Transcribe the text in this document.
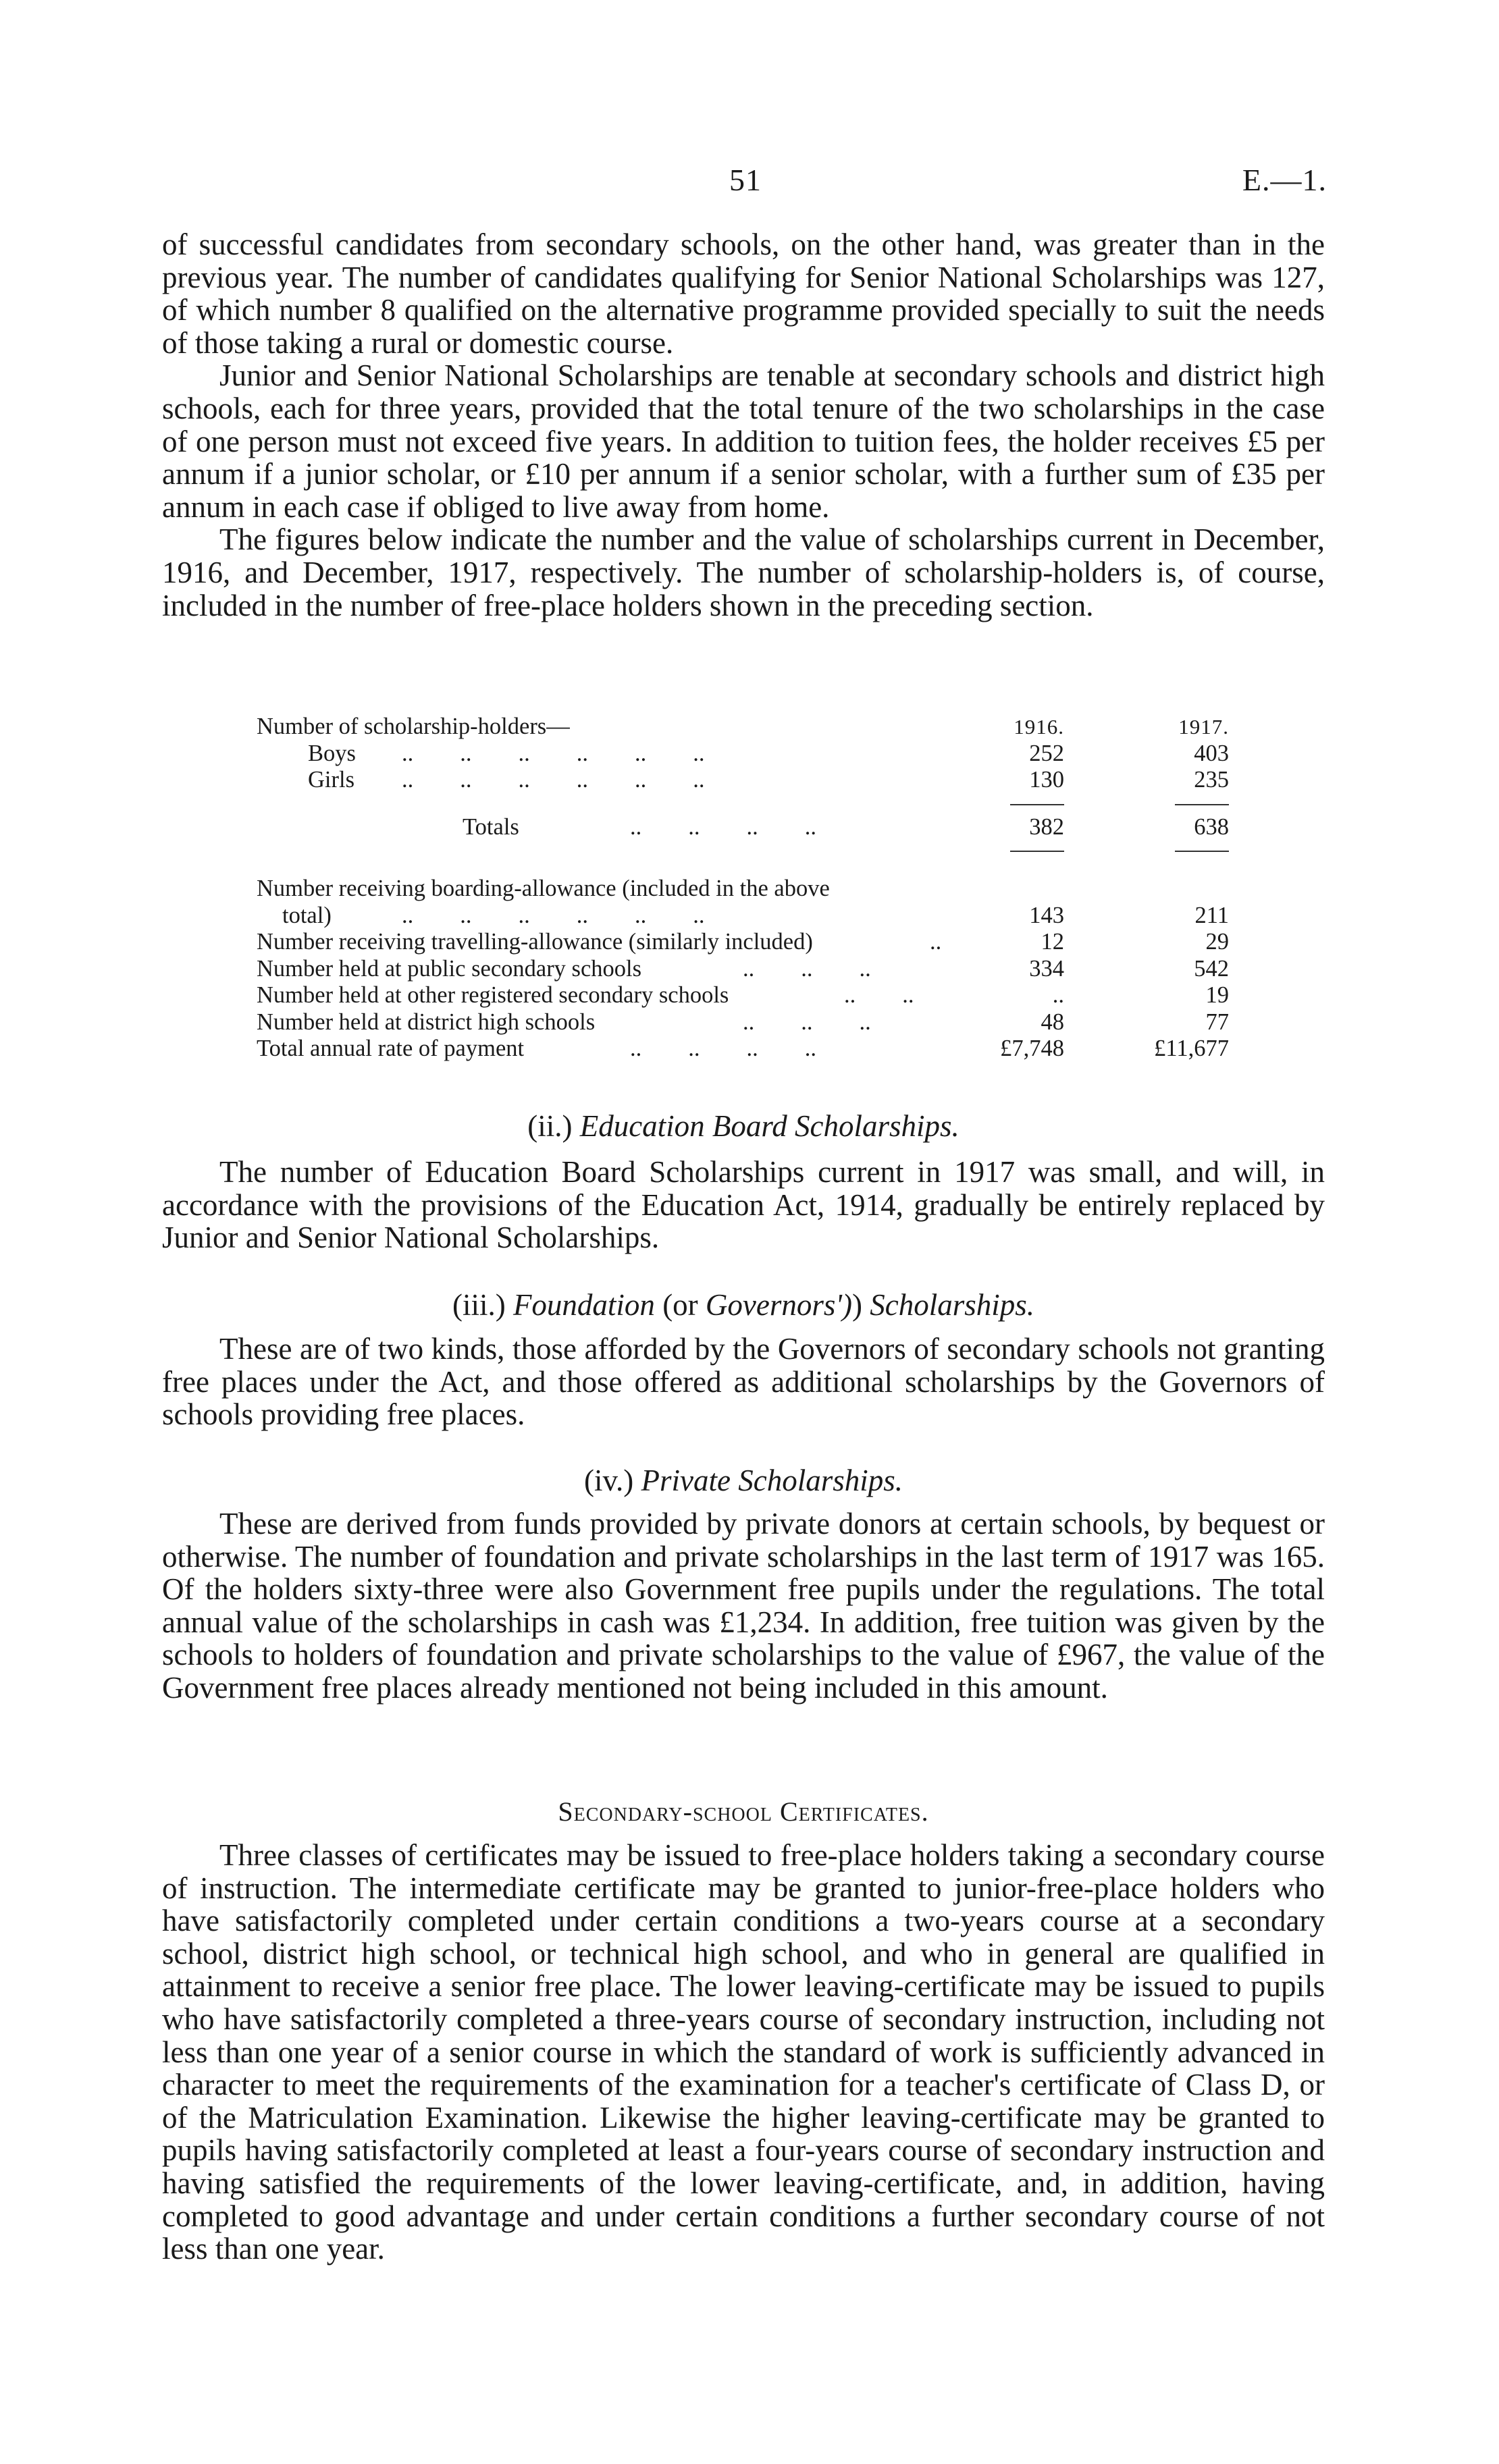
51	E.—1.

of successful candidates from secondary schools, on the other hand, was greater than in the previous year. The number of candidates qualifying for Senior National Scholarships was 127, of which number 8 qualified on the alternative programme provided specially to suit the needs of those taking a rural or domestic course.

Junior and Senior National Scholarships are tenable at secondary schools and district high schools, each for three years, provided that the total tenure of the two scholarships in the case of one person must not exceed five years. In addition to tuition fees, the holder receives £5 per annum if a junior scholar, or £10 per annum if a senior scholar, with a further sum of £35 per annum in each case if obliged to live away from home.

The figures below indicate the number and the value of scholarships current in December, 1916, and December, 1917, respectively. The number of scholarship-holders is, of course, included in the number of free-place holders shown in the preceding section.

Number of scholarship-holders—	1916.	1917.
Boys ..        ..        ..        ..        ..        ..	252	403
Girls ..        ..        ..        ..        ..        ..	130	235
Totals	..        ..        ..        ..	382	638
Number receiving boarding-allowance (included in the above
total)	..        ..        ..        ..        ..        ..	143	211
Number receiving travelling-allowance (similarly included)	..	12	29
Number held at public secondary schools	..        ..        ..	334	542
Number held at other registered secondary schools	..        ..	..	19
Number held at district high schools	..        ..        ..	48	77
Total annual rate of payment	..        ..        ..        ..	£7,748	£11,677
(ii.) Education Board Scholarships.

The number of Education Board Scholarships current in 1917 was small, and will, in accordance with the provisions of the Education Act, 1914, gradually be entirely replaced by Junior and Senior National Scholarships.

(iii.) Foundation (or Governors')) Scholarships.

These are of two kinds, those afforded by the Governors of secondary schools not granting free places under the Act, and those offered as additional scholarships by the Governors of schools providing free places.

(iv.) Private Scholarships.

These are derived from funds provided by private donors at certain schools, by bequest or otherwise. The number of foundation and private scholarships in the last term of 1917 was 165. Of the holders sixty-three were also Government free pupils under the regulations. The total annual value of the scholarships in cash was £1,234. In addition, free tuition was given by the schools to holders of foundation and private scholarships to the value of £967, the value of the Government free places already mentioned not being included in this amount.

Secondary-school Certificates.

Three classes of certificates may be issued to free-place holders taking a secondary course of instruction. The intermediate certificate may be granted to junior-free-place holders who have satisfactorily completed under certain conditions a two-years course at a secondary school, district high school, or technical high school, and who in general are qualified in attainment to receive a senior free place. The lower leaving-certificate may be issued to pupils who have satisfactorily completed a three-years course of secondary instruction, including not less than one year of a senior course in which the standard of work is sufficiently advanced in character to meet the requirements of the examination for a teacher's certificate of Class D, or of the Matriculation Examination. Likewise the higher leaving-certificate may be granted to pupils having satisfactorily completed at least a four-years course of secondary instruction and having satisfied the requirements of the lower leaving-certificate, and, in addition, having completed to good advantage and under certain conditions a further secondary course of not less than one year.
